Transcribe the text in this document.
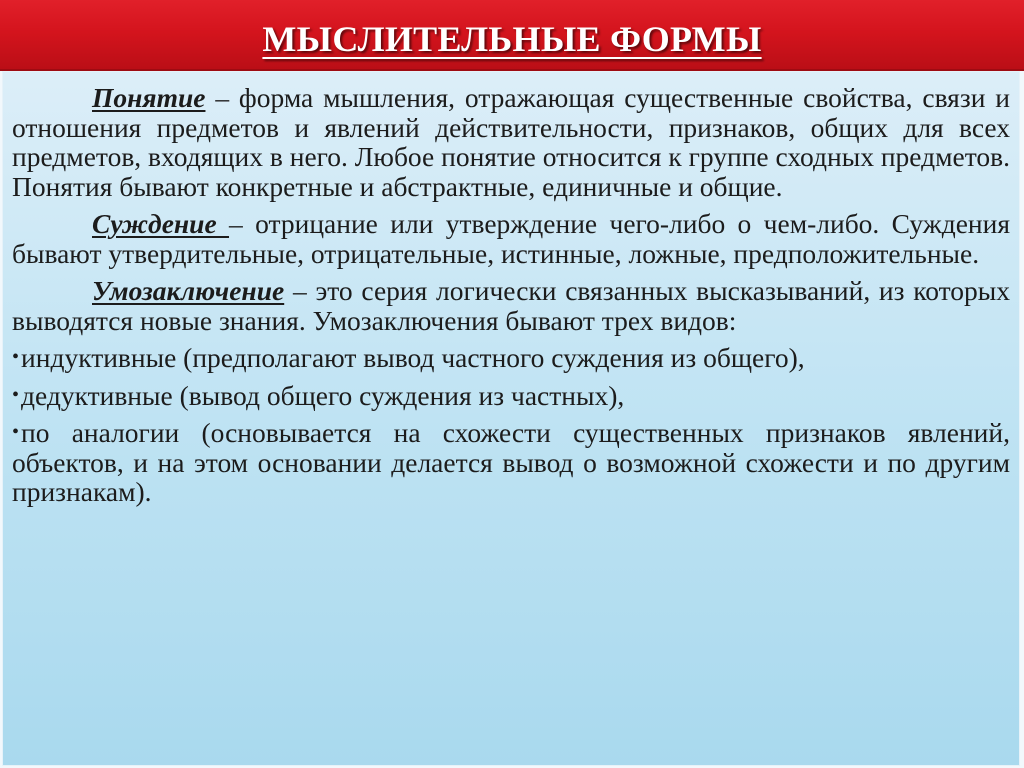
МЫСЛИТЕЛЬНЫЕ ФОРМЫ

Понятие – форма мышления, отражающая существенные свойства, связи и отношения предметов и явлений действительности, признаков, общих для всех предметов, входящих в него. Любое понятие относится к группе сходных предметов. Понятия бывают конкретные и абстрактные, единичные и общие.

Суждение – отрицание или утверждение чего-либо о чем-либо. Суждения бывают утвердительные, отрицательные, истинные, ложные, предположительные.

Умозаключение – это серия логически связанных высказываний, из которых выводятся новые знания. Умозаключения бывают трех видов:

•индуктивные (предполагают вывод частного суждения из общего),

•дедуктивные (вывод общего суждения из частных),

•по аналогии (основывается на схожести существенных признаков явлений, объектов, и на этом основании делается вывод о возможной схожести и по другим признакам).
